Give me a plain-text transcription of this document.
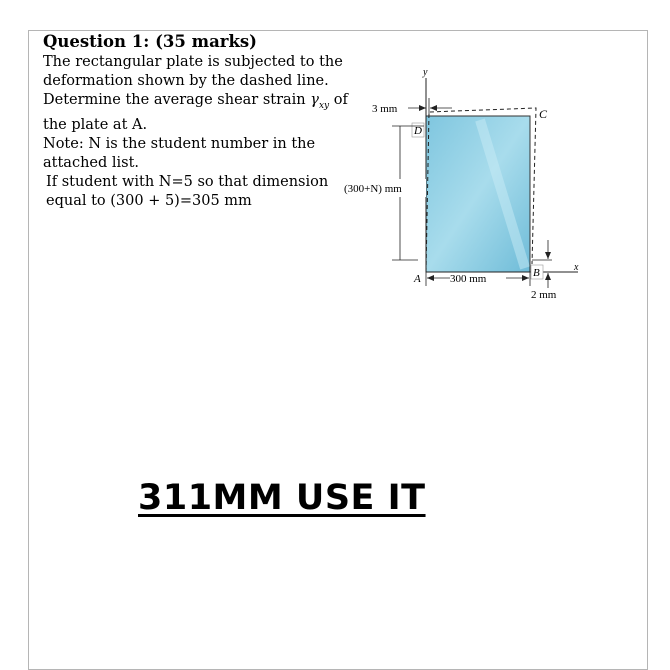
Question 1: (35 marks)
The rectangular plate is subjected to the
deformation shown by the dashed line.
Determine the average shear strain $\gamma_{xy}$ of
the plate at A.
Note: N is the student number in the
attached list.
If student with N=5 so that dimension
equal to (300 + 5)=305 mm
y
x
3 mm
D
C
(300+N) mm
A	300 mm	B
2 mm
311MM USE IT
